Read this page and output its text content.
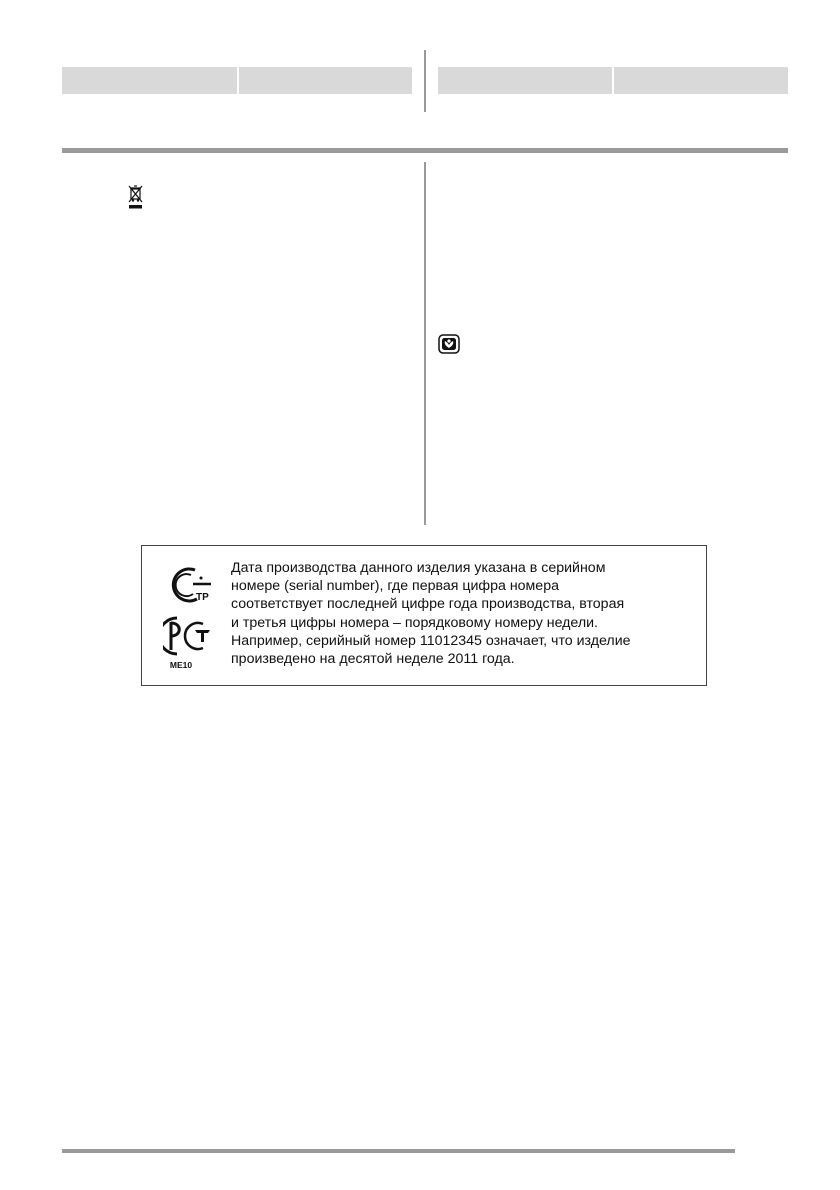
ТР
ME10

Дата производства данного изделия указана в серийном
номере (serial number), где первая цифра номера
соответствует последней цифре года производства, вторая
и третья цифры номера – порядковому номеру недели.
Например, серийный номер 11012345 означает, что изделие
произведено на десятой неделе 2011 года.
